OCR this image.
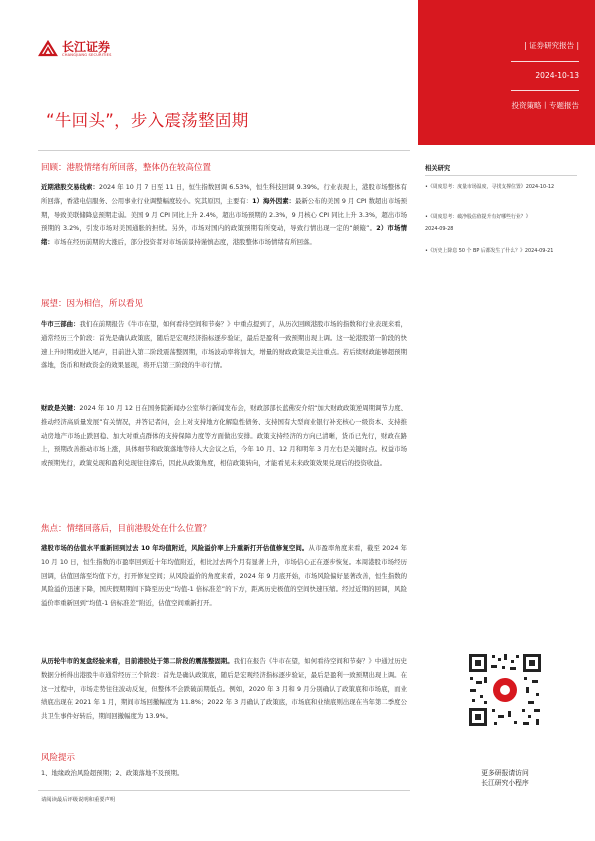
长江证券
CHANGJIANG SECURITIES
| 证券研究报告 |
2024-10-13
投资策略丨专题报告
“牛回头”，步入震荡整固期
回顾：港股情绪有所回落，整体仍在较高位置
近期港股交易线索：2024 年 10 月 7 日至 11 日，恒生指数回调 6.53%，恒生科技回调 9.39%。行业表现上，港股市场整体有所回落，香港电信服务、公用事业行业调整幅度较小。究其原因，主要有：1）海外因素：最新公布的美国 9 月 CPI 数超出市场预期，导致美联储降息预期走弱。美国 9 月 CPI 同比上升 2.4%，超出市场预期的 2.3%，9 月核心 CPI 同比上升 3.3%，超出市场预期的 3.2%，引发市场对美国通胀的担忧。另外，市场对国内的政策预期有所变动，导致行情出现一定的“颠簸”。2）市场情绪：市场在经历前期的大涨后，部分投资者对市场前景持谨慎态度，港股整体市场情绪有所回落。
展望：因为相信，所以看见
牛市三部曲：我们在前期报告《牛市在望，如何看待空间和节奏？》中重点提到了，从历次回顾港股市场的指数和行业表现来看，通常经历三个阶段：首先是确认政策底，随后是宏观经济指标逐步验证，最后是盈利一致预期出现上调。这一轮港股第一阶段的快速上升时期或进入尾声，目前进入第二阶段震荡整固期，市场波动率将加大，增量的财政政策是关注重点。若后续财政能够超预期落地，货币和财政资金的效果显现，将开启第三阶段的牛市行情。
财政是关键：2024 年 10 月 12 日在国务院新闻办公室举行新闻发布会，财政部部长蓝佛安介绍“加大财政政策逆周期调节力度、推动经济高质量发展”有关情况，并答记者问，会上对支持地方化解隐性债务、支持国有大型商业银行补充核心一级资本、支持推动房地产市场止跌回稳、加大对重点群体的支持保障力度等方面做出安排。政策支持经济的方向已清晰，货币已先行，财政在路上，预期改善推动市场上涨，具体细节和政策落地等待人大会议之后，今年 10 月、12 月和明年 3 月左右是关键时点。权益市场或预期先行，政策兑现和盈利兑现往往滞后，因此从政策角度，相信政策转向，才能看见未来政策效果兑现后的投资收益。
焦点：情绪回落后，目前港股处在什么位置？
港股市场的估值水平重新回到过去 10 年均值附近，风险溢价率上升重新打开估值修复空间。从市盈率角度来看，截至 2024 年 10 月 10 日，恒生指数的市盈率回到近十年均值附近，相比过去两个月有显著上升，市场信心正在逐步恢复。本周港股市场经历回调，估值回落至均值下方，打开修复空间；从风险溢价的角度来看，2024 年 9 月底开始，市场风险偏好显著改善，恒生指数的风险溢价迅速下降，国庆假期期间下降至历史“均值-1 倍标准差”的下方，距离历史极值的空间快速压缩。经过近期的回调，风险溢价率重新回到“均值-1 倍标准差”附近，估值空间重新打开。
从历轮牛市的复盘经验来看，目前港股处于第二阶段的震荡整固期。我们在报告《牛市在望，如何看待空间和节奏？》中通过历史数据分析得出港股牛市通常经历三个阶段：首先是确认政策底，随后是宏观经济指标逐步验证，最后是盈利一致预期出现上调。在这一过程中，市场走势往往波动反复，但整体不会跌破前期低点。例如，2020 年 3 月和 9 月分别确认了政策底和市场底，而业绩底出现在 2021 年 1 月，期间市场回撤幅度为 11.8%；2022 年 3 月确认了政策底，市场底和业绩底则出现在当年第二季度公共卫生事件好转后，期间回撤幅度为 13.9%。
风险提示
1、地缘政治风险超预期；2、政策落地不及预期。
相关研究
•《周度思考：度量市场温度，寻找支撑位置》2024-10-12
•《周度思考：破净股估值提升有好哪些行业？》
2024-09-28
•《历史上降息 50 个 BP 后都发生了什么？》2024-09-21
更多研报请访问
长江研究小程序
请阅读最后评级说明和重要声明
